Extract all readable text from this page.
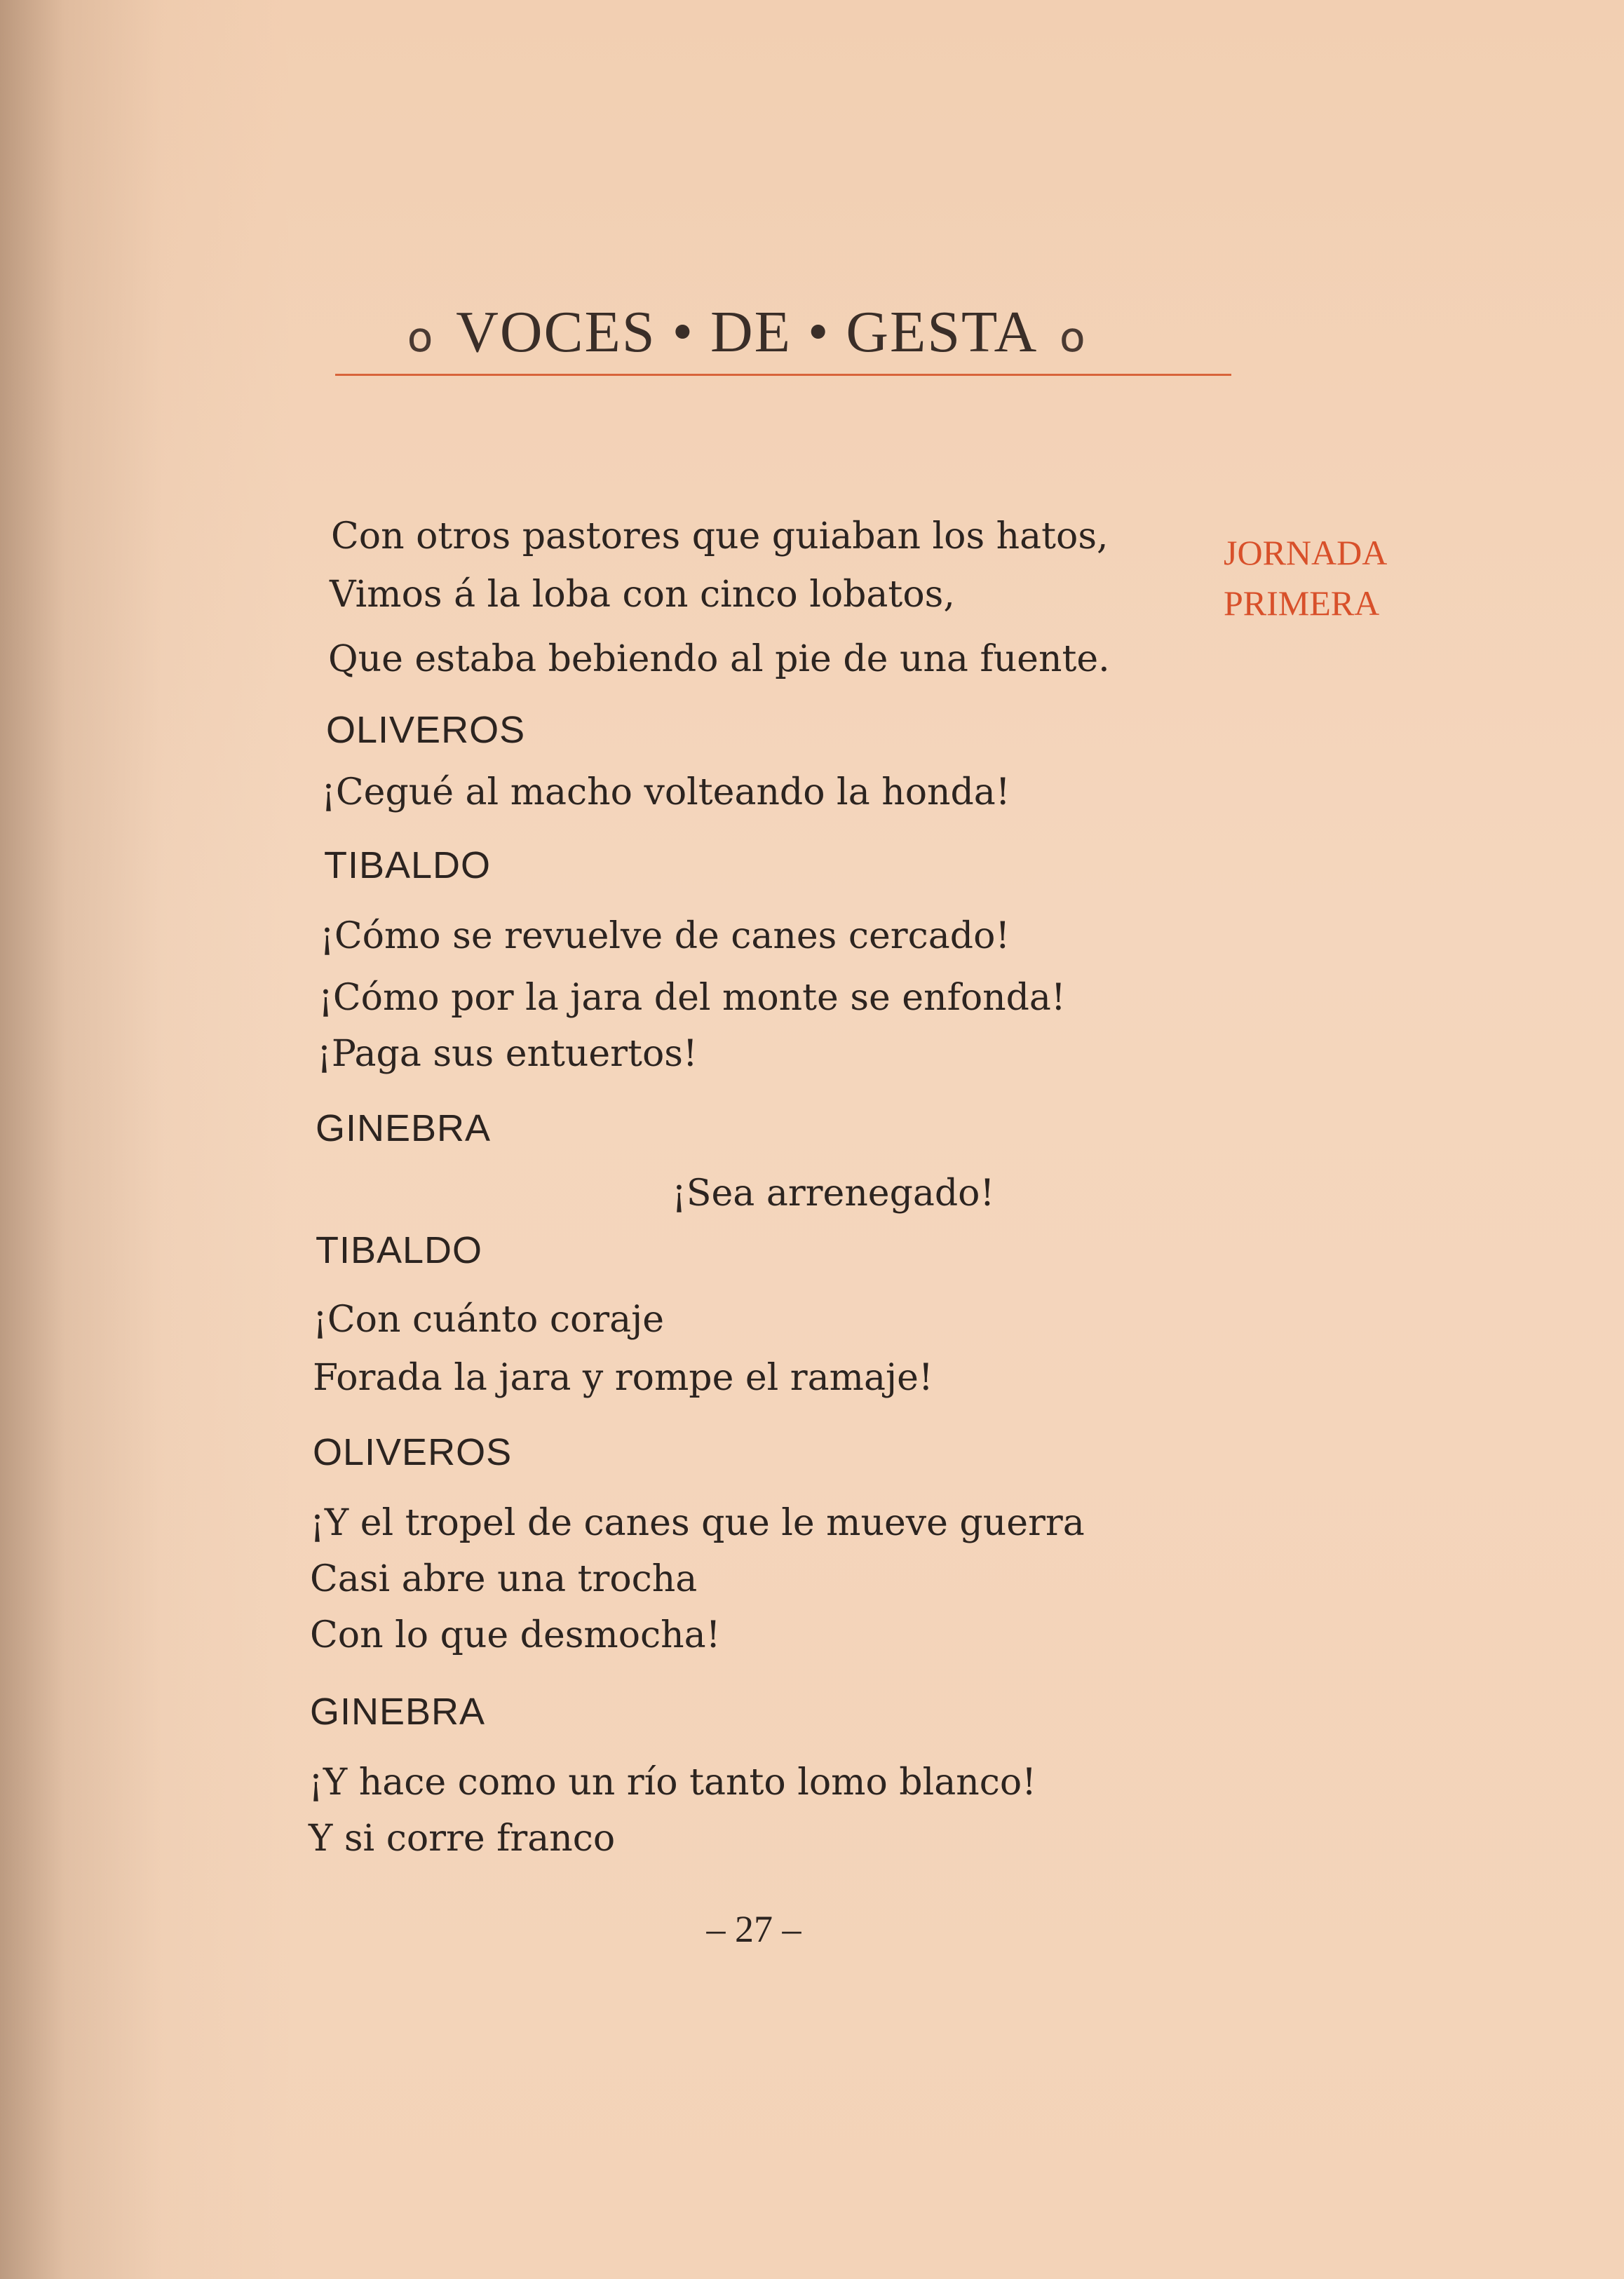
໐ VOCES • DE • GESTA ໐
JORNADA
PRIMERA
Con otros pastores que guiaban los hatos,
Vimos á la loba con cinco lobatos,
Que estaba bebiendo al pie de una fuente.
OLIVEROS
¡Cegué al macho volteando la honda!
TIBALDO
¡Cómo se revuelve de canes cercado!
¡Cómo por la jara del monte se enfonda!
¡Paga sus entuertos!
GINEBRA
¡Sea arrenegado!
TIBALDO
¡Con cuánto coraje
Forada la jara y rompe el ramaje!
OLIVEROS
¡Y el tropel de canes que le mueve guerra
Casi abre una trocha
Con lo que desmocha!
GINEBRA
¡Y hace como un río tanto lomo blanco!
Y si corre franco
– 27 –
